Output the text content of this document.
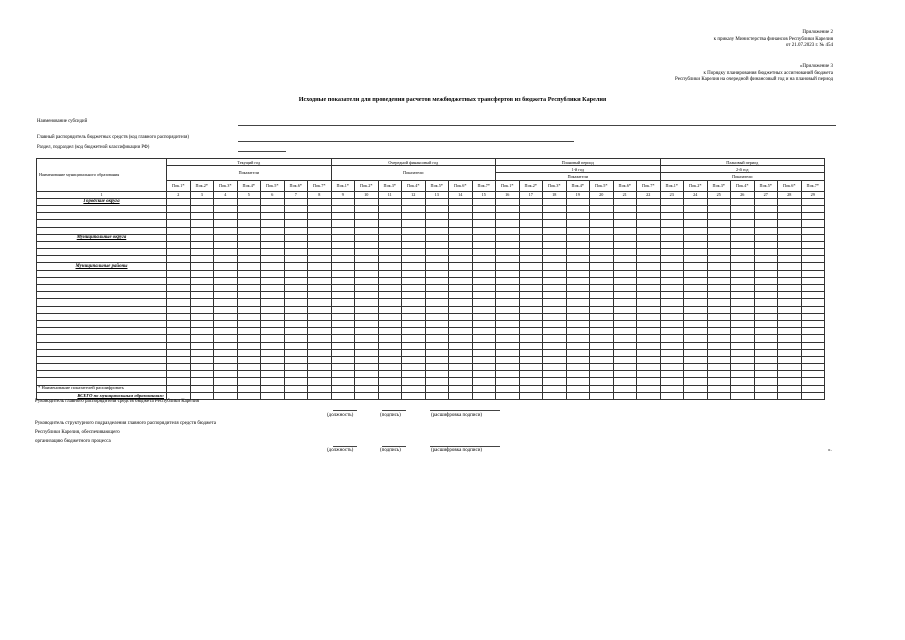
Приложение 2
к приказу Министерства финансов Республики Карелия
от 21.07.2023 г. № 454
«Приложение 3
к Порядку планирования бюджетных ассигнований бюджета
Республики Карелия на очередной финансовый год и на плановый период
Исходные показатели для проведения расчетов межбюджетных трансфертов из бюджета Республики Карелия
Наименование субсидий
Главный распорядитель бюджетных средств (код главного распорядителя)
Раздел, подраздел (код бюджетной классификации РФ)
Наименование муниципального образования	Текущий год							Очередной финансовый год							Плановый период							Плановый период						
	Показатели							Показатели							1-й год							2-й год						
															Показатели							Показатели						
	Пок.1*	Пок.2*	Пок.3*	Пок.4*	Пок.5*	Пок.6*	Пок.7*	Пок.1*	Пок.2*	Пок.3*	Пок.4*	Пок.5*	Пок.6*	Пок.7*	Пок.1*	Пок.2*	Пок.3*	Пок.4*	Пок.5*	Пок.6*	Пок.7*	Пок.1*	Пок.2*	Пок.3*	Пок.4*	Пок.5*	Пок.6*	Пок.7*
1	2	3	4	5	6	7	8	9	10	11	12	13	14	15	16	17	18	19	20	21	22	23	24	25	26	27	28	29
Городские округа																												

Муниципальные округа																												

Муниципальные районы																												

ВСЕГО по муниципальным образованиям:																												
* Наименование показателей расшифровать
Руководитель главного распорядителя средств бюджета Республики Карелия
(должность)	(подпись)	(расшифровка подписи)
Руководитель структурного подразделения главного распорядителя средств бюджета
Республики Карелия, обеспечивающего
организацию бюджетного процесса
(должность)	(подпись)	(расшифровка подписи)	».
